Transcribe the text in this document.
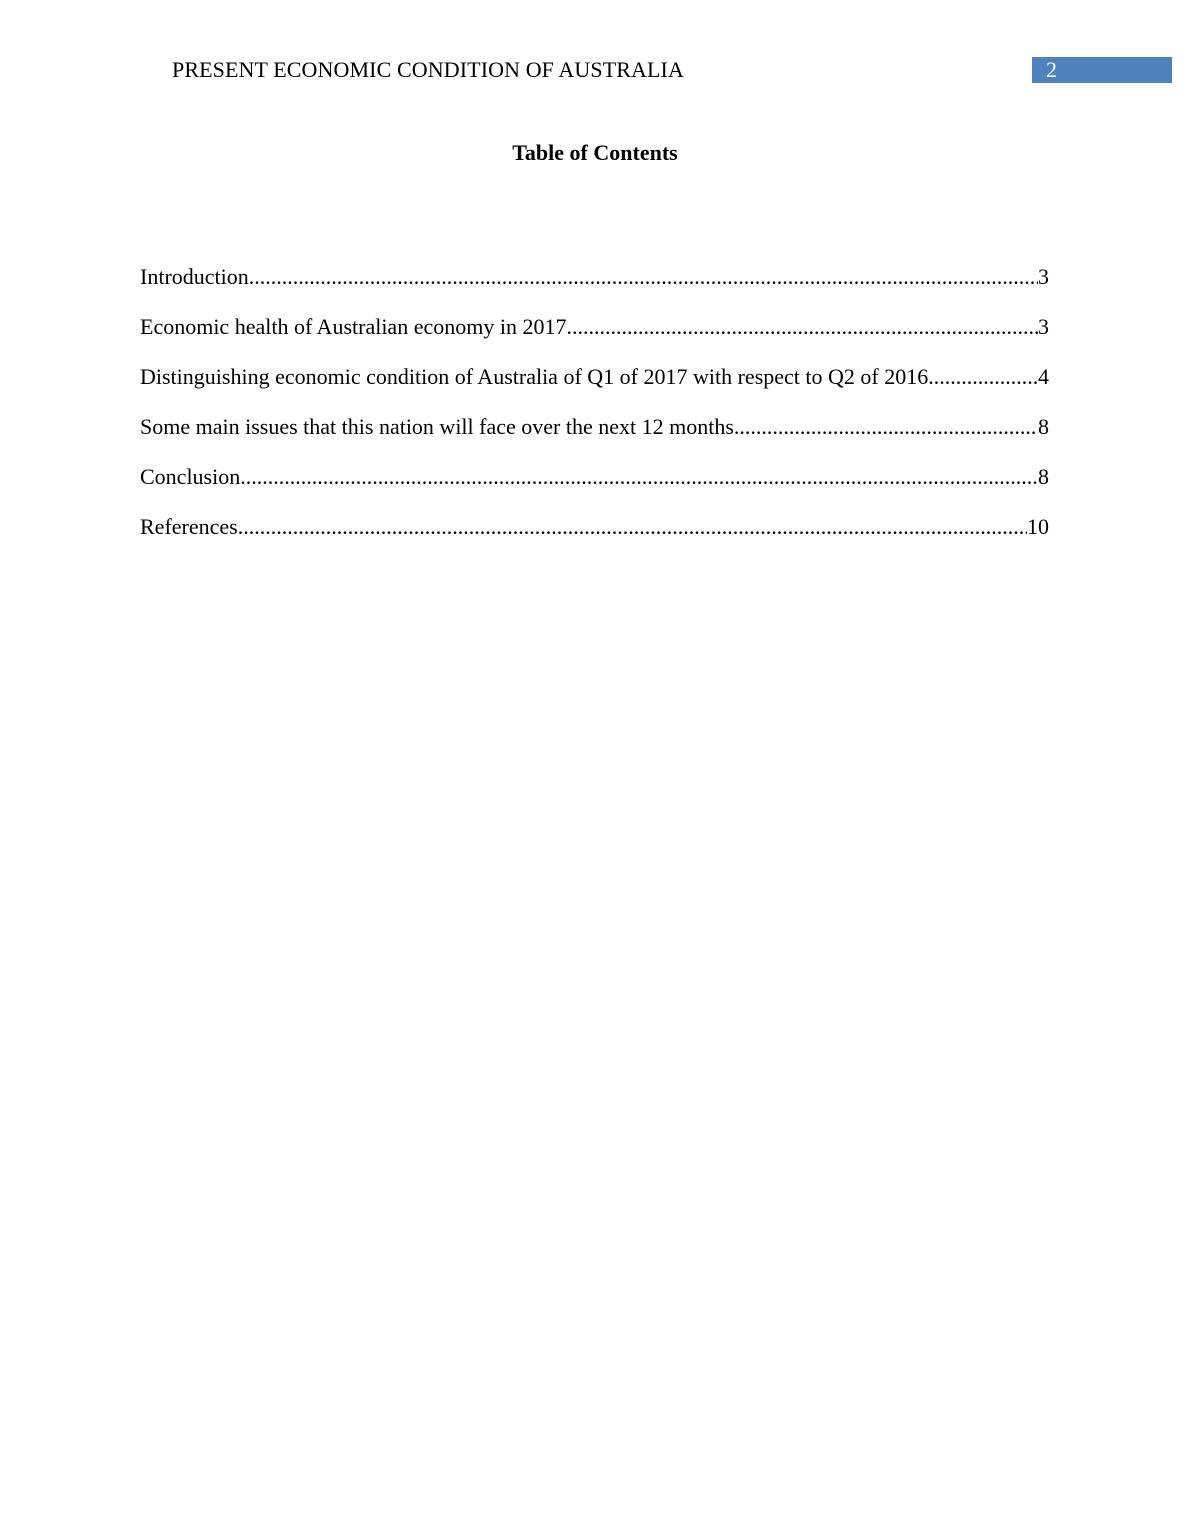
PRESENT ECONOMIC CONDITION OF AUSTRALIA	2
Table of Contents
Introduction .....	3
Economic health of Australian economy in 2017 .....	3
Distinguishing economic condition of Australia of Q1 of 2017 with respect to Q2 of 2016 .....	4
Some main issues that this nation will face over the next 12 months .....	8
Conclusion .....	8
References .....	10
